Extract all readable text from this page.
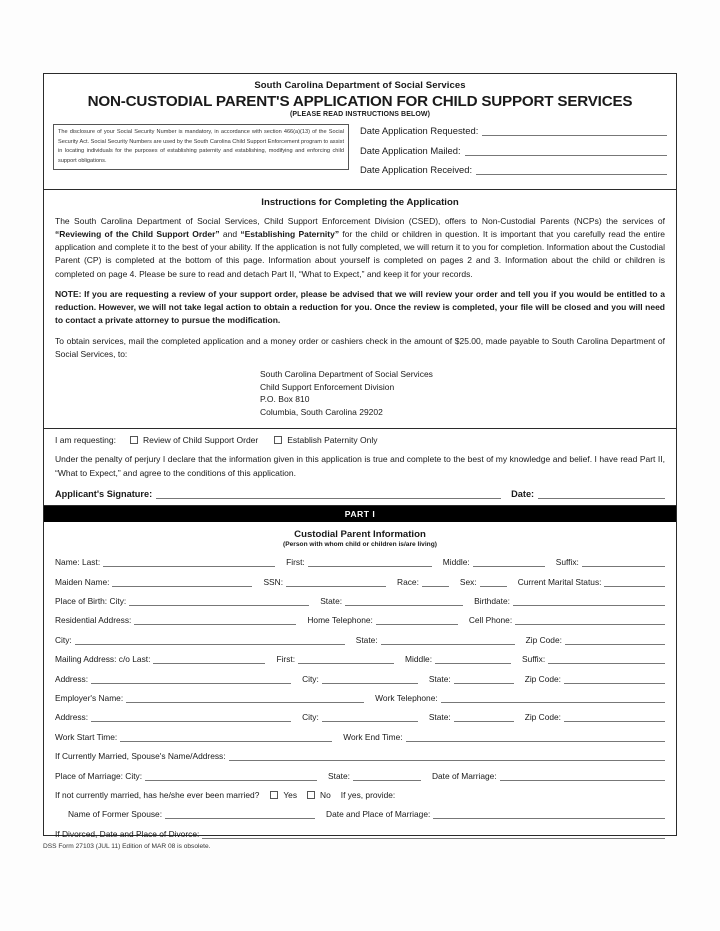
South Carolina Department of Social Services
NON-CUSTODIAL PARENT'S APPLICATION FOR CHILD SUPPORT SERVICES
(PLEASE READ INSTRUCTIONS BELOW)
The disclosure of your Social Security Number is mandatory, in accordance with section 466(a)(13) of the Social Security Act. Social Security Numbers are used by the South Carolina Child Support Enforcement program to assist in locating individuals for the purposes of establishing paternity and establishing, modifying and enforcing child support obligations.
Date Application Requested:
Date Application Mailed:
Date Application Received:
Instructions for Completing the Application
The South Carolina Department of Social Services, Child Support Enforcement Division (CSED), offers to Non-Custodial Parents (NCPs) the services of “Reviewing of the Child Support Order” and “Establishing Paternity” for the child or children in question. It is important that you carefully read the entire application and complete it to the best of your ability. If the application is not fully completed, we will return it to you for completion. Information about the Custodial Parent (CP) is completed at the bottom of this page. Information about yourself is completed on pages 2 and 3. Information about the child or children is completed on page 4. Please be sure to read and detach Part II, “What to Expect,” and keep it for your records.
NOTE: If you are requesting a review of your support order, please be advised that we will review your order and tell you if you would be entitled to a reduction. However, we will not take legal action to obtain a reduction for you. Once the review is completed, your file will be closed and you will need to contact a private attorney to pursue the modification.
To obtain services, mail the completed application and a money order or cashiers check in the amount of $25.00, made payable to South Carolina Department of Social Services, to:
South Carolina Department of Social Services
Child Support Enforcement Division
P.O. Box 810
Columbia, South Carolina 29202
I am requesting:	Review of Child Support Order	Establish Paternity Only
Under the penalty of perjury I declare that the information given in this application is true and complete to the best of my knowledge and belief. I have read Part II, “What to Expect,” and agree to the conditions of this application.
Applicant's Signature:	Date:
PART I
Custodial Parent Information
(Person with whom child or children is/are living)
Name: Last:	First:	Middle:	Suffix:
Maiden Name:	SSN:	Race:	Sex:	Current Marital Status:
Place of Birth: City:	State:	Birthdate:
Residential Address:	Home Telephone:	Cell Phone:
City:	State:	Zip Code:
Mailing Address: c/o Last:	First:	Middle:	Suffix:
Address:	City:	State:	Zip Code:
Employer's Name:	Work Telephone:
Address:	City:	State:	Zip Code:
Work Start Time:	Work End Time:
If Currently Married, Spouse's Name/Address:
Place of Marriage: City:	State:	Date of Marriage:
If not currently married, has he/she ever been married?	Yes	No If yes, provide:
Name of Former Spouse:	Date and Place of Marriage:
If Divorced, Date and Place of Divorce:
DSS Form 27103 (JUL 11) Edition of MAR 08 is obsolete.
